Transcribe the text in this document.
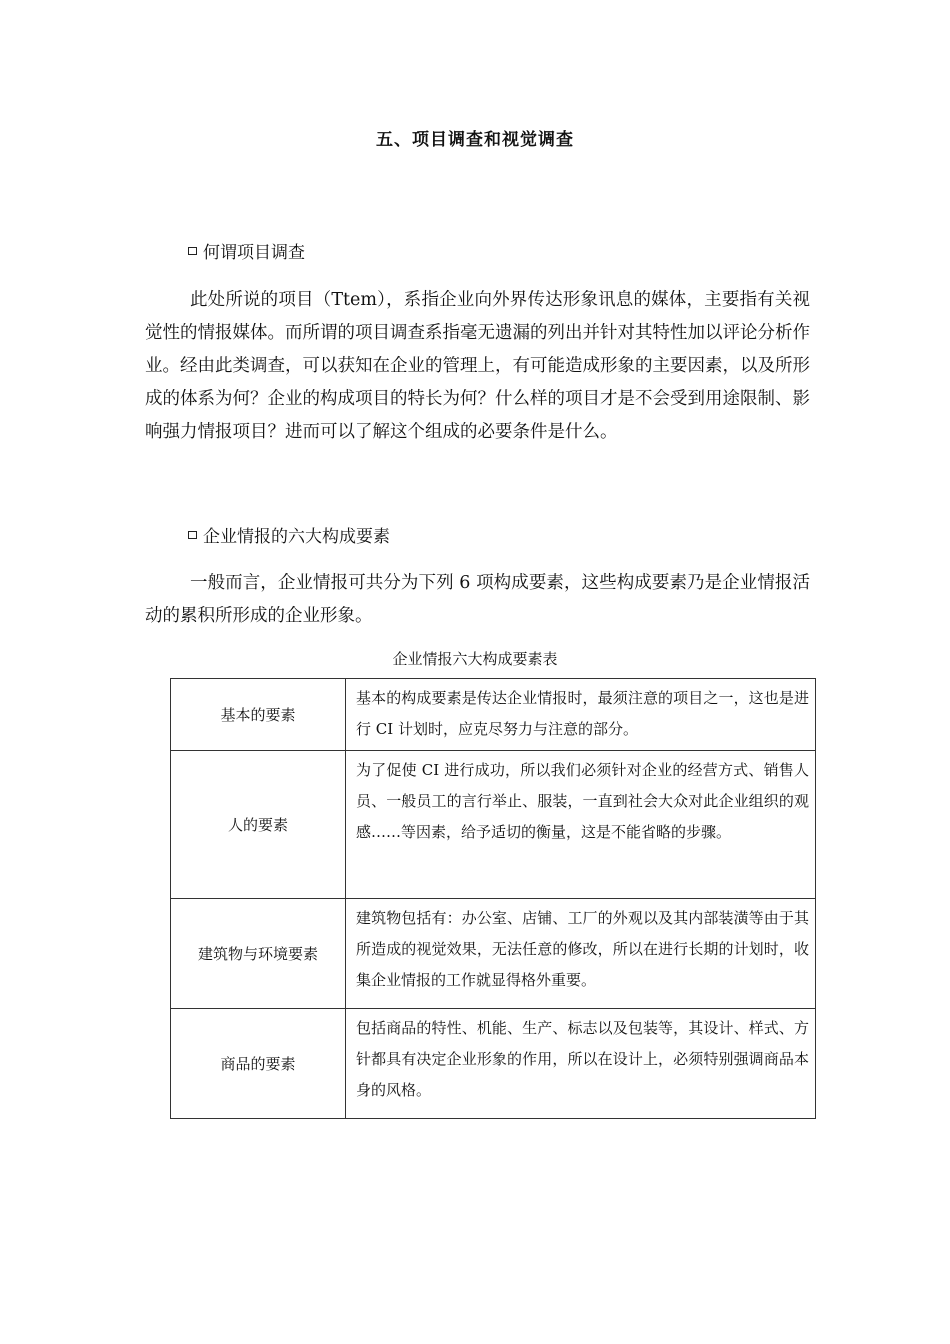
五、项目调查和视觉调查
何谓项目调查
此处所说的项目（Ttem），系指企业向外界传达形象讯息的媒体，主要指有关视觉性的情报媒体。而所谓的项目调查系指毫无遗漏的列出并针对其特性加以评论分析作业。经由此类调查，可以获知在企业的管理上，有可能造成形象的主要因素，以及所形成的体系为何？企业的构成项目的特长为何？什么样的项目才是不会受到用途限制、影响强力情报项目？进而可以了解这个组成的必要条件是什么。
企业情报的六大构成要素
一般而言，企业情报可共分为下列 6 项构成要素，这些构成要素乃是企业情报活动的累积所形成的企业形象。
企业情报六大构成要素表
基本的要素	基本的构成要素是传达企业情报时，最须注意的项目之一，这也是进行 CI 计划时，应克尽努力与注意的部分。
人的要素	为了促使 CI 进行成功，所以我们必须针对企业的经营方式、销售人员、一般员工的言行举止、服装，一直到社会大众对此企业组织的观感……等因素，给予适切的衡量，这是不能省略的步骤。
建筑物与环境要素	建筑物包括有：办公室、店铺、工厂的外观以及其内部装潢等由于其所造成的视觉效果，无法任意的修改，所以在进行长期的计划时，收集企业情报的工作就显得格外重要。
商品的要素	包括商品的特性、机能、生产、标志以及包装等，其设计、样式、方针都具有决定企业形象的作用，所以在设计上，必须特别强调商品本身的风格。
